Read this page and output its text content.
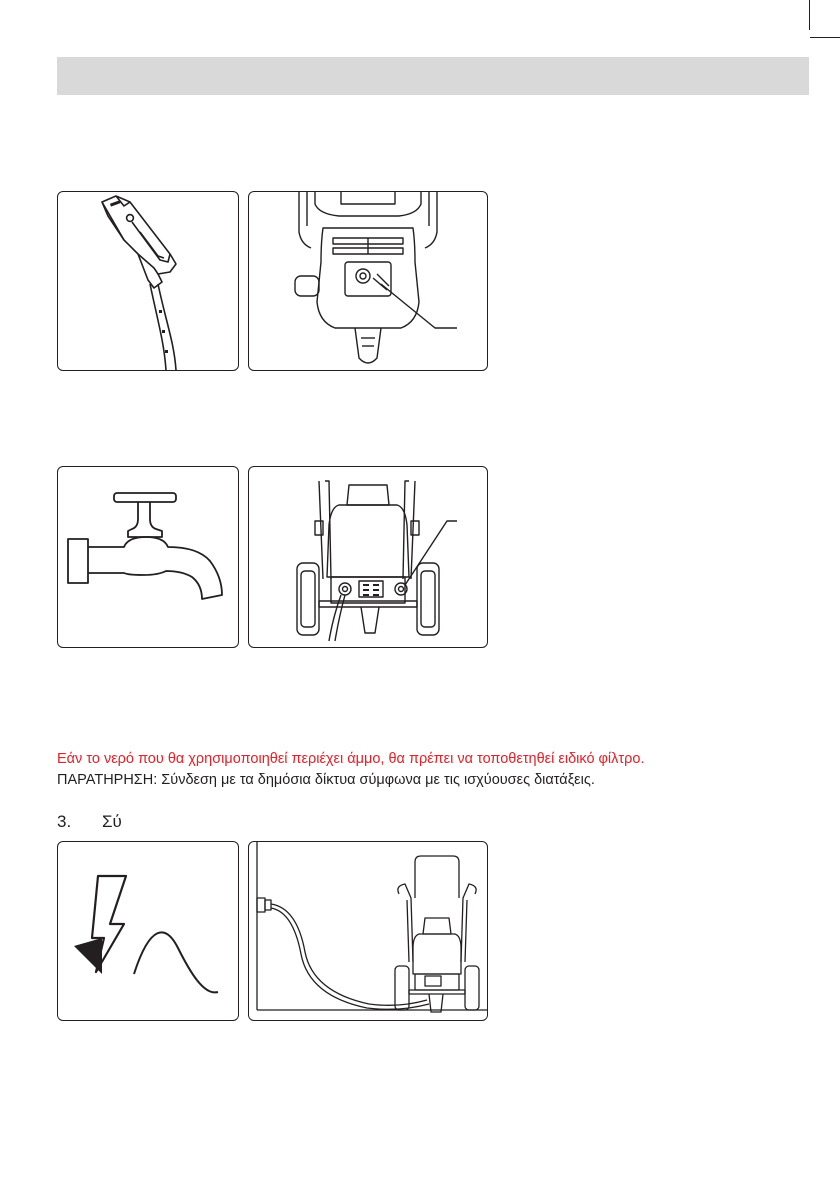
Εάν το νερό που θα χρησιμοποιηθεί περιέχει άμμο, θα πρέπει να τοποθετηθεί ειδικό φίλτρο.
ΠΑΡΑΤΗΡΗΣΗ: Σύνδεση με τα δημόσια δίκτυα σύμφωνα με τις ισχύουσες διατάξεις.
3. Σύ
